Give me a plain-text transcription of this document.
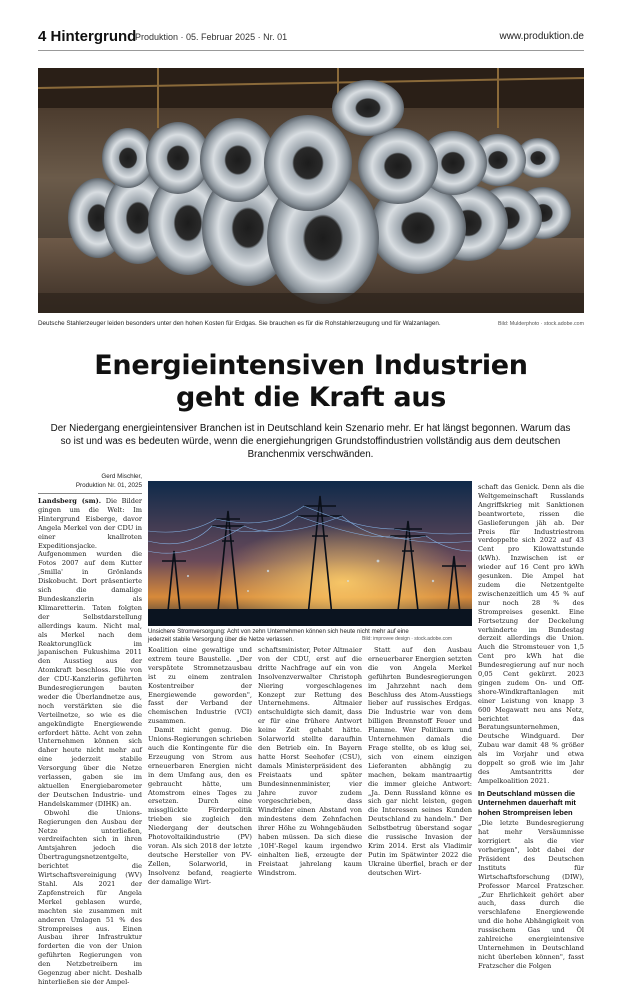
4 Hintergrund
Produktion · 05. Februar 2025 · Nr. 01	www.produktion.de
Deutsche Stahlerzeuger leiden besonders unter den hohen Kosten für Erdgas. Sie brauchen es für die Rohstahlerzeugung und für Walzanlagen.	Bild: Mulderphoto · stock.adobe.com
Energieintensiven Industrien
geht die Kraft aus
Der Niedergang energieintensiver Branchen ist in Deutschland kein Szenario mehr. Er hat längst begonnen. Warum das so ist und was es bedeuten würde, wenn die energiehungrigen Grundstoffindustrien vollständig aus dem deutschen Branchenmix verschwänden.
Gerd Mischler,
Produktion Nr. 01, 2025

Landsberg (sm). Die Bilder gingen um die Welt: Im Hintergrund Eisberge, davor Angela Merkel von der CDU in einer knallroten Expeditionsjacke. Aufgenommen wurden die Fotos 2007 auf dem Kutter ‚Smilla' in Grönlands Diskobucht. Dort präsentierte sich die damalige Bundeskanzlerin als Klimaretterin. Taten folgten der Selbstdarstellung allerdings kaum. Nicht mal, als Merkel nach dem Reaktorunglück im japanischen Fukushima 2011 den Ausstieg aus der Atomkraft beschloss. Die von der CDU-Kanzlerin geführten Bundesregierungen bauten weder die Überlandnetze aus, noch verstärkten sie die Verteilnetze, so wie es die angekündigte Energiewende erfordert hätte. Acht von zehn Unternehmen können sich daher heute nicht mehr auf eine jederzeit stabile Versorgung über die Netze verlassen, gaben sie im aktuellen Energiebarometer der Deutschen Industrie- und Handelskammer (DIHK) an.

Obwohl die Unions-Regierungen den Ausbau der Netze unterließen, verdreifachten sich in ihren Amtsjahren jedoch die Übertragungsnetzentgelte, berichtet die Wirtschaftsvereinigung (WV) Stahl. Als 2021 der Zapfenstreich für Angela Merkel geblasen wurde, machten sie zusammen mit anderen Umlagen 51 % des Strompreises aus. Einen Ausbau ihrer Infrastruktur forderten die von der Union geführten Regierungen von den Netzbetreibern im Gegenzug aber nicht. Deshalb hinterließen sie der Ampel-

Unsichere Stromversorgung: Acht von zehn Unternehmen können sich heute nicht mehr auf eine jederzeit stabile Versorgung über die Netze verlassen.	Bild: improvee design · stock.adobe.com

Koalition eine gewaltige und extrem teure Baustelle. „Der verspätete Stromnetzausbau ist zu einem zentralen Kostentreiber der Energiewende geworden", fasst der Verband der chemischen Industrie (VCI) zusammen.

Damit nicht genug. Die Unions-Regierungen schrieben auch die Kontingente für die Erzeugung von Strom aus erneuerbaren Energien nicht in dem Umfang aus, den es gebraucht hätte, um Atomstrom eines Tages zu ersetzen. Durch eine missglückte Förderpolitik trieben sie zugleich den Niedergang der deutschen Photovoltaikindustrie (PV) voran. Als sich 2018 der letzte deutsche Hersteller von PV-Zellen, Solarworld, in Insolvenz befand, reagierte der damalige Wirt-

schaftsminister, Peter Altmaier von der CDU, erst auf die dritte Nachfrage auf ein von Insolvenzverwalter Christoph Niering vorgeschlagenes Konzept zur Rettung des Unternehmens. Altmaier entschuldigte sich damit, dass er für eine frühere Antwort keine Zeit gehabt hätte. Solarworld stellte daraufhin den Betrieb ein. In Bayern hatte Horst Seehofer (CSU), damals Ministerpräsident des Freistaats und später Bundesinnenminister, vier Jahre zuvor zudem vorgeschrieben, dass Windräder einen Abstand von mindestens dem Zehnfachen ihrer Höhe zu Wohngebäuden haben müssen. Da sich diese ‚10H'-Regel kaum irgendwo einhalten ließ, erzeugte der Freistaat jahrelang kaum Windstrom.

Statt auf den Ausbau erneuerbarer Energien setzten die von Angela Merkel geführten Bundesregierungen im Jahrzehnt nach dem Beschluss des Atom-Ausstiegs lieber auf russisches Erdgas. Die Industrie war von dem billigen Brennstoff Feuer und Flamme. Wer Politikern und Unternehmen damals die Frage stellte, ob es klug sei, sich von einem einzigen Lieferanten abhängig zu machen, bekam mantraartig die immer gleiche Antwort: „Ja. Denn Russland könne es sich gar nicht leisten, gegen die Interessen seines Kunden Deutschland zu handeln." Der Selbstbetrug überstand sogar die russische Invasion der Krim 2014. Erst als Vladimir Putin im Spätwinter 2022 die Ukraine überfiel, brach er der deutschen Wirt-

schaft das Genick. Denn als die Weltgemeinschaft Russlands Angriffskrieg mit Sanktionen beantwortete, rissen die Gaslieferungen jäh ab. Der Preis für Industriestrom verdoppelte sich 2022 auf 43 Cent pro Kilowattstunde (kWh). Inzwischen ist er wieder auf 16 Cent pro kWh gesunken. Die Ampel hat zudem die Netzentgelte zwischenzeitlich um 45 % auf nur noch 28 % des Strompreises gesenkt. Eine Fortsetzung der Deckelung verhinderte im Bundestag derzeit allerdings die Union. Auch die Stromsteuer von 1,5 Cent pro kWh hat die Bundesregierung auf nur noch 0,05 Cent gekürzt. 2023 gingen zudem On- und Off-shore-Windkraftanlagen mit einer Leistung von knapp 3 600 Megawatt neu ans Netz, berichtet das Beratungsunternehmen, Deutsche Windguard. Der Zubau war damit 48 % größer als im Vorjahr und etwa doppelt so groß wie im Jahr des Amtsantritts der Ampelkoalition 2021.

In Deutschland müssen die Unternehmen dauerhaft mit hohen Strompreisen leben

„Die letzte Bundesregierung hat mehr Versäumnisse korrigiert als die vier vorherigen", lobt dabei der Präsident des Deutschen Instituts für Wirtschaftsforschung (DIW), Professor Marcel Fratzscher. „Zur Ehrlichkeit gehört aber auch, dass durch die verschlafene Energiewende und die hohe Abhängigkeit von russischem Gas und Öl zahlreiche energieintensive Unternehmen in Deutschland nicht überleben können", fasst Fratzscher die Folgen
